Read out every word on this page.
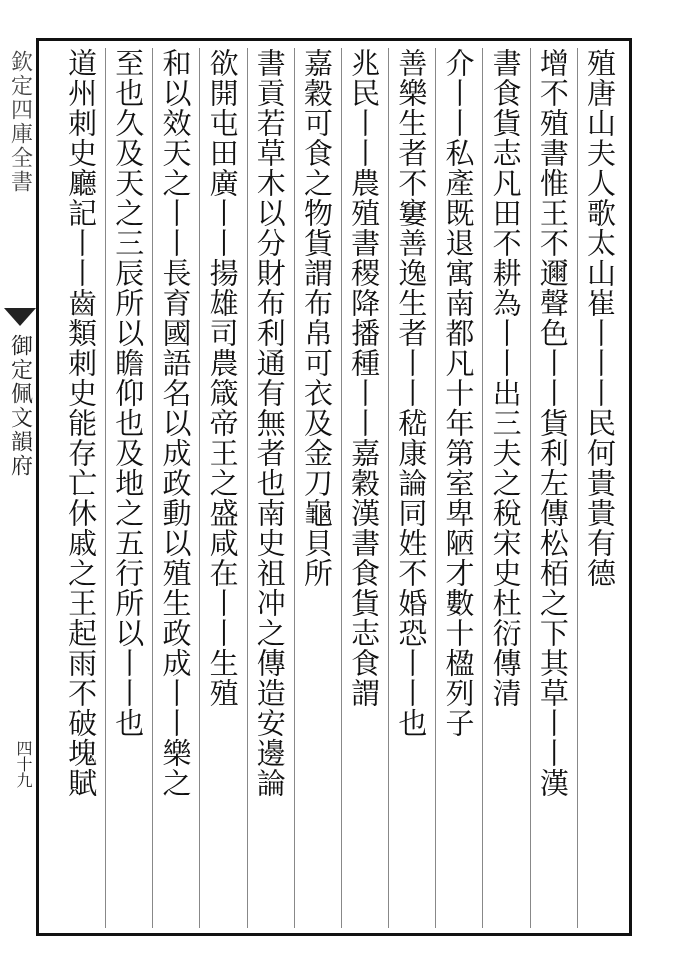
欽定四庫全書
御定佩文韻府
四十九
殖唐山夫人歌太山崔丨丨丨民何貴貴有德
增不殖書惟王不邇聲色丨丨貨利左傳松栢之下其草丨丨漢
書食貨志凡田不耕為丨丨出三夫之稅宋史杜衍傳清
介丨丨私產既退寓南都凡十年第室卑陋才數十楹列子
善樂生者不窶善逸生者丨丨嵇康論同姓不婚恐丨丨也
兆民丨丨農殖書稷降播種丨丨嘉穀漢書食貨志食謂
嘉穀可食之物貨謂布帛可衣及金刀龜貝所
書貢若草木以分財布利通有無者也南史祖冲之傳造安邊論
欲開屯田廣丨丨揚雄司農箴帝王之盛咸在丨丨生殖
和以效天之丨丨長育國語名以成政動以殖生政成丨丨樂之
至也久及天之三辰所以瞻仰也及地之五行所以丨丨也
道州刺史廳記丨丨齒類刺史能存亡休戚之王起雨不破塊賦
